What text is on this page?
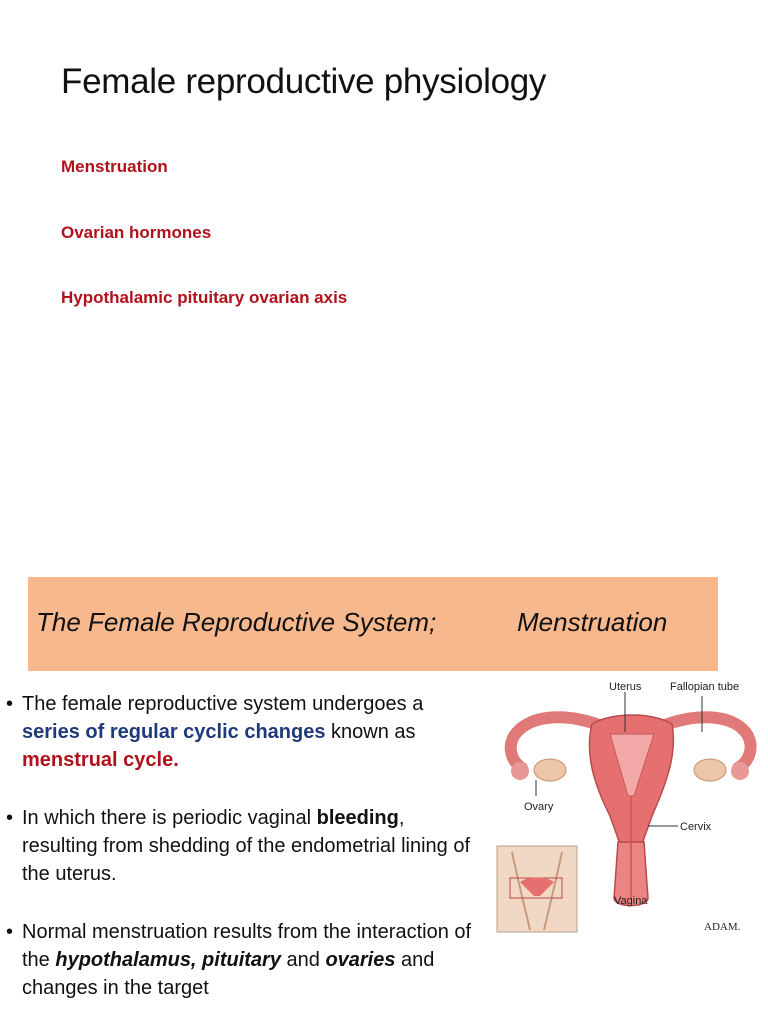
Female reproductive physiology

Menstruation

Ovarian hormones

Hypothalamic pituitary ovarian axis

The Female Reproductive System;	Menstruation
• The female reproductive system undergoes a series of regular cyclic changes known as menstrual cycle.
• In which there is periodic vaginal bleeding, resulting from shedding of the endometrial lining of the uterus.
• Normal menstruation results from the interaction of the hypothalamus, pituitary and ovaries and changes in the target
Uterus	Fallopian tube
Ovary
Cervix
Vagina
ADAM.
